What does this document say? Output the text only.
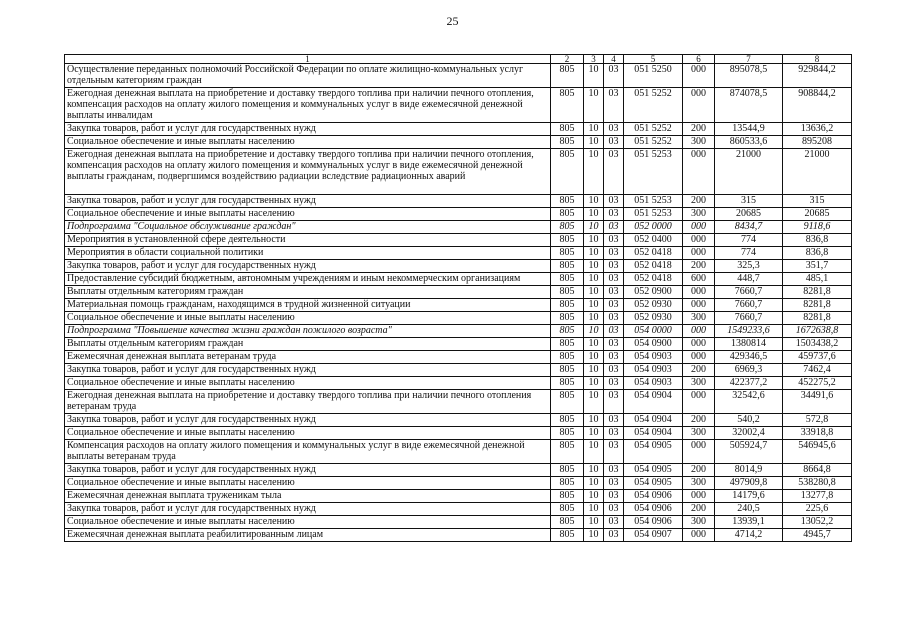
25
1	2	3	4	5	6	7	8
Осуществление переданных полномочий Российской Федерации по оплате жилищно-коммунальных услуг отдельным категориям граждан	805	10	03	051 5250	000	895078,5	929844,2
Ежегодная денежная выплата на приобретение и доставку твердого топлива при наличии печного отопления, компенсация расходов на оплату жилого помещения и коммунальных услуг в виде ежемесячной денежной выплаты инвалидам	805	10	03	051 5252	000	874078,5	908844,2
Закупка товаров, работ и услуг для государственных нужд	805	10	03	051 5252	200	13544,9	13636,2
Социальное обеспечение и иные выплаты населению	805	10	03	051 5252	300	860533,6	895208
Ежегодная денежная выплата на приобретение и доставку твердого топлива при наличии печного отопления, компенсация расходов на оплату жилого помещения и коммунальных услуг в виде ежемесячной денежной выплаты гражданам, подвергшимся воздействию радиации вследствие радиационных аварий	805	10	03	051 5253	000	21000	21000
Закупка товаров, работ и услуг для государственных нужд	805	10	03	051 5253	200	315	315
Социальное обеспечение и иные выплаты населению	805	10	03	051 5253	300	20685	20685
Подпрограмма "Социальное обслуживание граждан"	805	10	03	052 0000	000	8434,7	9118,6
Мероприятия в установленной сфере деятельности	805	10	03	052 0400	000	774	836,8
Мероприятия в области социальной политики	805	10	03	052 0418	000	774	836,8
Закупка товаров, работ и услуг для государственных нужд	805	10	03	052 0418	200	325,3	351,7
Предоставление субсидий бюджетным, автономным учреждениям и иным некоммерческим организациям	805	10	03	052 0418	600	448,7	485,1
Выплаты отдельным категориям граждан	805	10	03	052 0900	000	7660,7	8281,8
Материальная помощь гражданам, находящимся в трудной жизненной ситуации	805	10	03	052 0930	000	7660,7	8281,8
Социальное обеспечение и иные выплаты населению	805	10	03	052 0930	300	7660,7	8281,8
Подпрограмма "Повышение качества жизни граждан пожилого возраста"	805	10	03	054 0000	000	1549233,6	1672638,8
Выплаты отдельным категориям граждан	805	10	03	054 0900	000	1380814	1503438,2
Ежемесячная денежная выплата ветеранам труда	805	10	03	054 0903	000	429346,5	459737,6
Закупка товаров, работ и услуг для государственных нужд	805	10	03	054 0903	200	6969,3	7462,4
Социальное обеспечение и иные выплаты населению	805	10	03	054 0903	300	422377,2	452275,2
Ежегодная денежная выплата на приобретение и доставку твердого топлива при наличии печного отопления ветеранам труда	805	10	03	054 0904	000	32542,6	34491,6
Закупка товаров, работ и услуг для государственных нужд	805	10	03	054 0904	200	540,2	572,8
Социальное обеспечение и иные выплаты населению	805	10	03	054 0904	300	32002,4	33918,8
Компенсация расходов на оплату жилого помещения и коммунальных услуг в виде ежемесячной денежной выплаты ветеранам труда	805	10	03	054 0905	000	505924,7	546945,6
Закупка товаров, работ и услуг для государственных нужд	805	10	03	054 0905	200	8014,9	8664,8
Социальное обеспечение и иные выплаты населению	805	10	03	054 0905	300	497909,8	538280,8
Ежемесячная денежная выплата труженикам тыла	805	10	03	054 0906	000	14179,6	13277,8
Закупка товаров, работ и услуг для государственных нужд	805	10	03	054 0906	200	240,5	225,6
Социальное обеспечение и иные выплаты населению	805	10	03	054 0906	300	13939,1	13052,2
Ежемесячная денежная выплата реабилитированным лицам	805	10	03	054 0907	000	4714,2	4945,7
